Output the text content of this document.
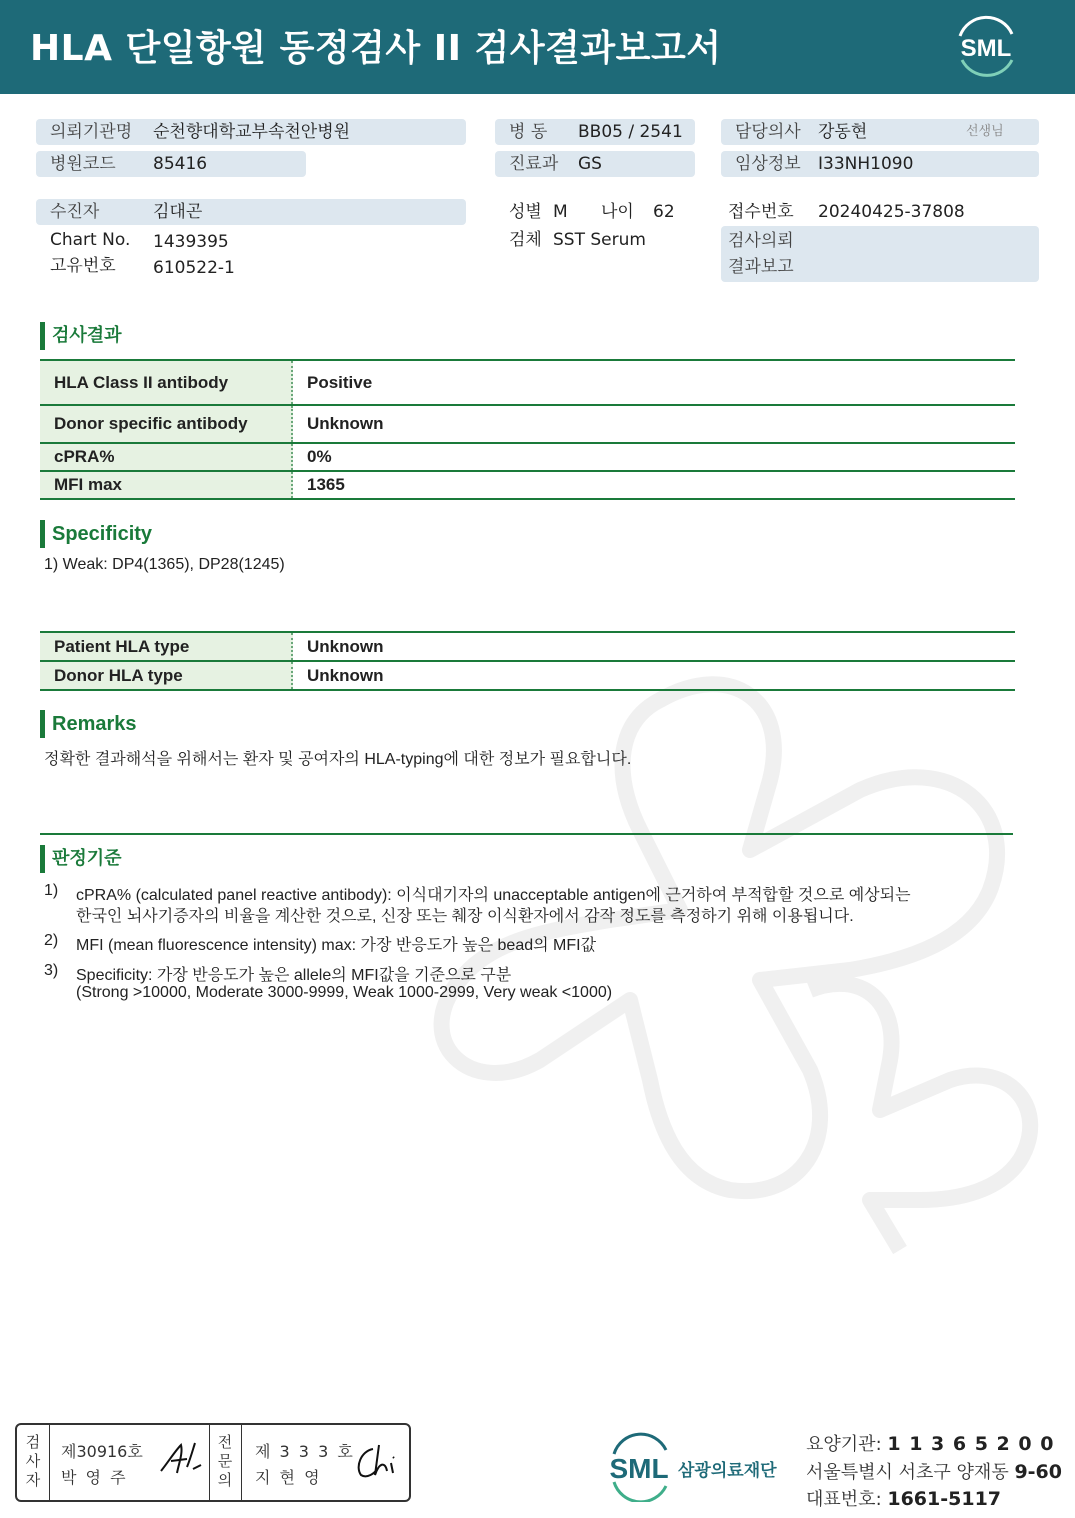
HLA 단일항원 동정검사 II 검사결과보고서	SML
의뢰기관명 순천향대학교부속천안병원
병원코드 85416
병 동 BB05 / 2541
진료과 GS
담당의사 강동현	선생님
임상정보 I33NH1090
수진자	김대곤
Chart No. 1439395
고유번호 610522-1
성별 M 나이 62
검체 SST Serum
접수번호 20240425-37808
검사의뢰
결과보고
검사결과
HLA Class II antibody	Positive
Donor specific antibody	Unknown
cPRA%	0%
MFI max	1365
Specificity
1) Weak: DP4(1365), DP28(1245)
Patient HLA type	Unknown
Donor HLA type	Unknown
Remarks
정확한 결과해석을 위해서는 환자 및 공여자의 HLA-typing에 대한 정보가 필요합니다.
판정기준
1) cPRA% (calculated panel reactive antibody): 이식대기자의 unacceptable antigen에 근거하여 부적합할 것으로 예상되는
한국인 뇌사기증자의 비율을 계산한 것으로, 신장 또는 췌장 이식환자에서 감작 정도를 측정하기 위해 이용됩니다.
2) MFI (mean fluorescence intensity) max: 가장 반응도가 높은 bead의 MFI값
3) Specificity: 가장 반응도가 높은 allele의 MFI값을 기준으로 구분
(Strong >10000, Moderate 3000-9999, Weak 1000-2999, Very weak <1000)
검
사
자
제30916호
박 영 주
전
문
의
제 3 3 3 호
지 현 영	SML 삼광의료재단
요양기관: 1 1 3 6 5 2 0 0
서울특별시 서초구 양재동 9-60
대표번호: 1661-5117
